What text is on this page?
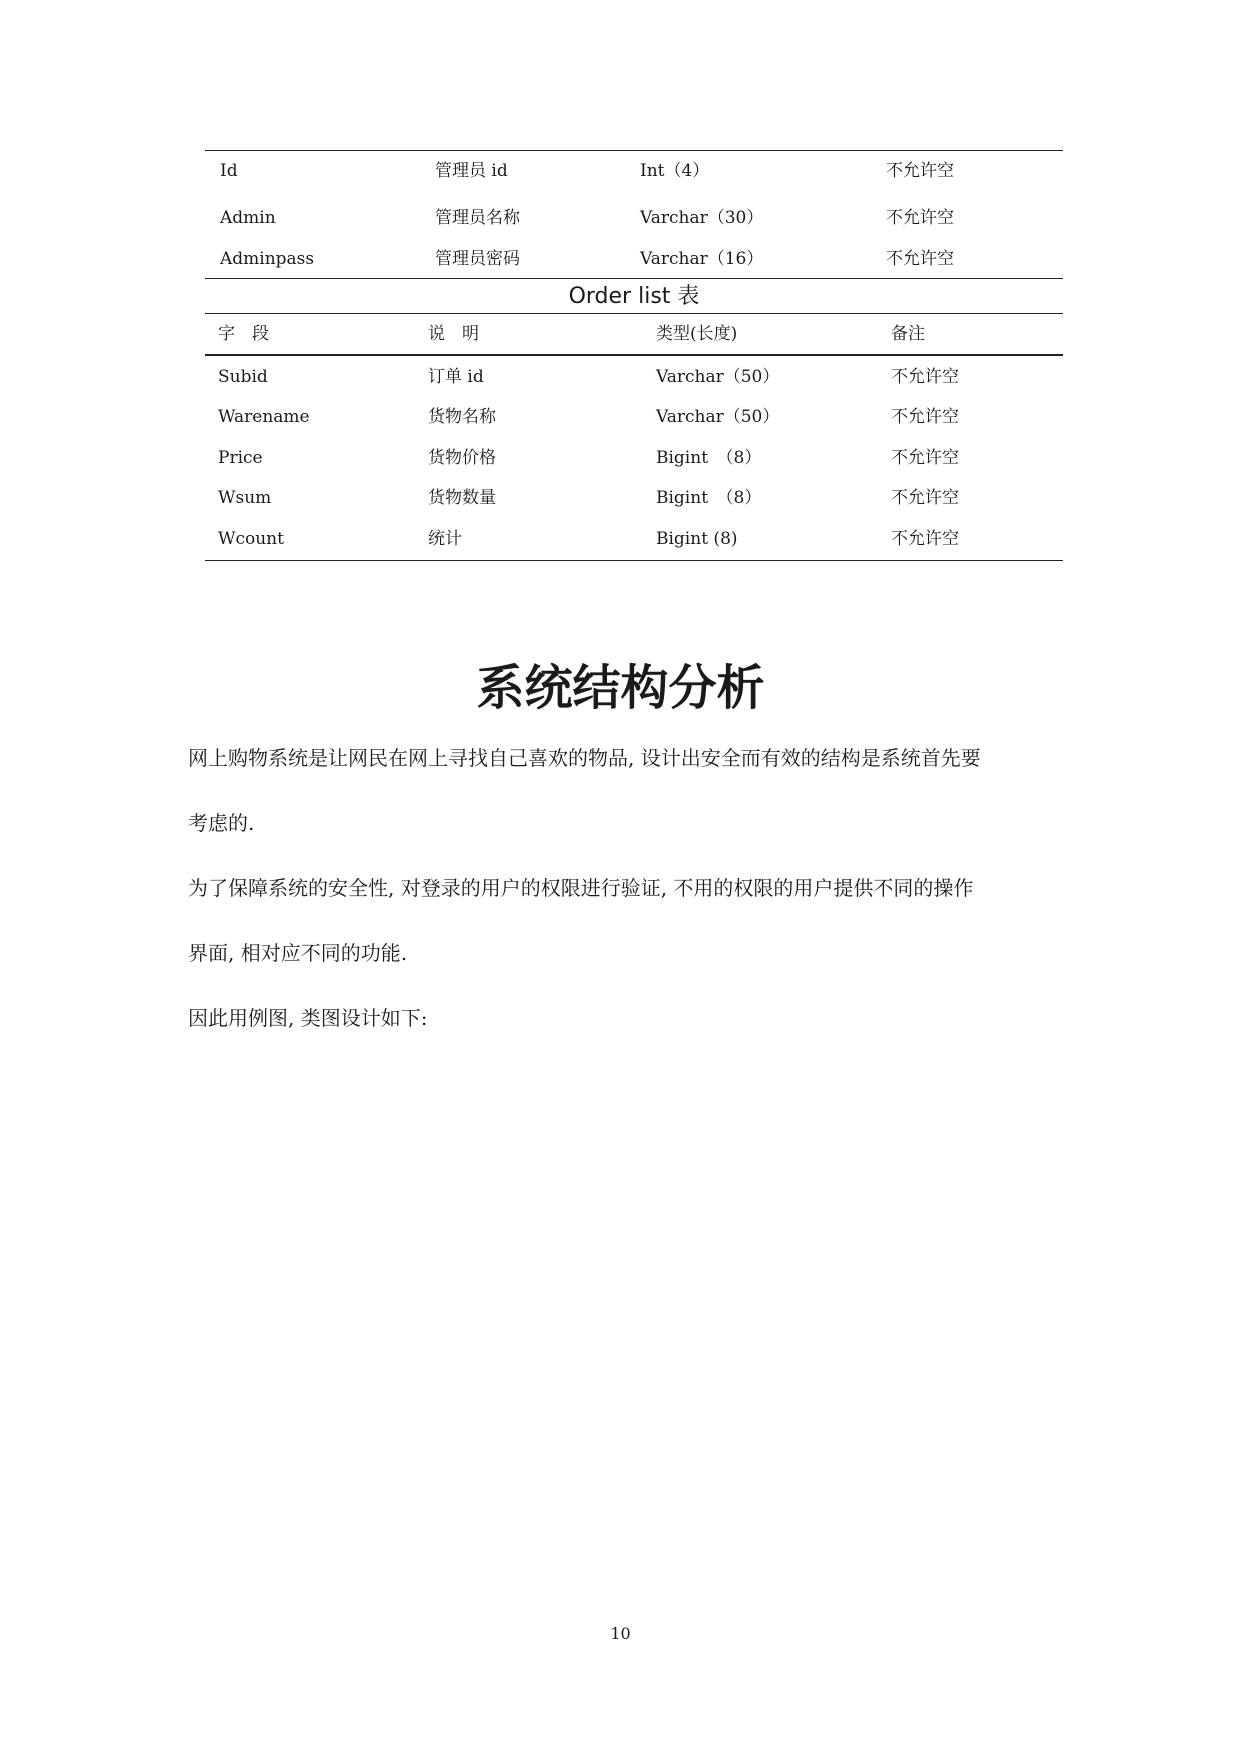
Id	管理员 id	Int（4）	不允许空
Admin	管理员名称	Varchar（30）	不允许空
Adminpass	管理员密码	Varchar（16）	不允许空
Order list 表
字　段	说　明	类型(长度)	备注
Subid	订单 id	Varchar（50）	不允许空
Warename	货物名称	Varchar（50）	不允许空
Price	货物价格	Bigint　（8）	不允许空
Wsum	货物数量	Bigint　（8）	不允许空
Wcount	统计	Bigint (8)	不允许空
系统结构分析
网上购物系统是让网民在网上寻找自己喜欢的物品, 设计出安全而有效的结构是系统首先要
考虑的.
为了保障系统的安全性, 对登录的用户的权限进行验证, 不用的权限的用户提供不同的操作
界面, 相对应不同的功能.
因此用例图, 类图设计如下:
10
